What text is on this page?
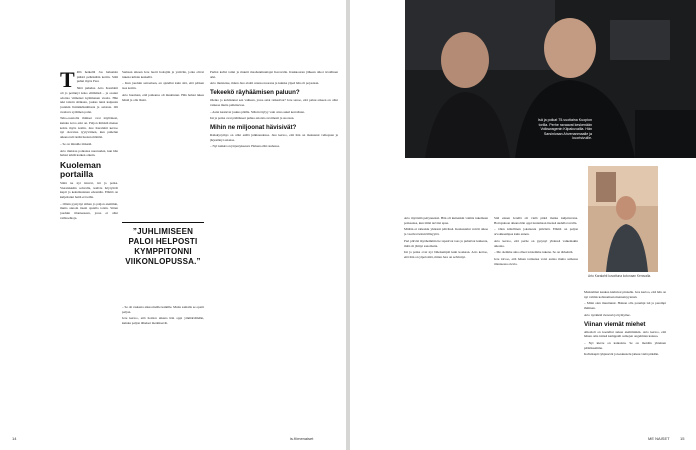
Tällä hetkellä Jos haluaisin päästä pelkästään kotiin. Siitä puhui myös Pasi.

Siitä puhelua Arto Karalahti oli jo perinnyt koko elämänsä – ja osanut odottaa viimeiset kymmenen vuotta. Hän teki taitoin sitäkaan, joskus tunsi kaipuuta jostakin lisänäkökulmasta ja asioista. Oli avattava sydämen polut.

Teho-osastolla ihmiset ovat näyttäneet, kuinka kova arki on. Paljon ihmisiä menee kohta myös kotiin. Jere Karalahti kertoo nyt olevansa tyytyväinen, kun puhelun aikana tuli tietää huolen määrää.

– Se on minulle tärkeää.

Arto muistaa poikansa nuoruuden, kun hän halusi tehdä kaiken oikein.

Kuoleman portailla

Siinä ne nyt istuvat, isä ja poika. Viereiskkäin sohvalla, kahvia höyryävät kupit ja keksilautanen edessään. Elämä on kuljettanut heitä eri teille.

– Olisin pystynyt siihen jo paljon aiemmin, mutta annoin itseni ajatella toisin. Sitten jouduin tilanteeseen, jossa ei ollut vaihtoehtoja.

Samaan aikaan Jere luotti hoitajiin ja ystäviin, jotka olivat tukena kriisin keskellä.

– Kun jouduin sairaalaan, en ajatellut kuin sitä, että pääsen taas kotiin.

Arto huomasi, että poikansa oli muuttunut. Hän halusi tukea häntä ja olla läsnä.

”JUHLIMISEEN PALOI HELPOSTI KYMPPITONNI VIIKONLOPUSSA.”

– Se oli raskasta aikaa meille kaikille. Mutta samalla se opetti paljon.

Jere kertoo, että hoidon aikana hän oppi ymmärtämään, kuinka paljon läheiset merkitsevät.

Pariisi kahvi taitui ja muutti maahanmuuttajat Keravalle. Kiekkouran jälkeen alkoi tavallinen arki.

Arto muistelee, miten Jere aloitti uransa nuorena ja kuinka ylpeä hän oli pojastaan.

Tekeekö räyhäämisen paluun?

Oletko jo kohdannut sen vaiheen, jossa asiat ratkesivat? Jere sanoo, että paluu arkeen on ollut vaikeaa mutta palkitsevaa.

– Asiat kaatuvat joskus päälle. Silloin täytyy vain ottaa askel kerrallaan.

Isä ja poika ovat päättäneet puhua asioista avoimesti ja suoraan.

Mihin ne miljoonat hävisivät?

Rahakysymys on ollut esillä julkisuudessa. Jere kertoo, että hän on maksanut velkojaan ja järjestänyt asiansa.

– Nyt kaikki on järjestyksessä. Haluan elää rauhassa.

14	is.fi/menaiset
Isä ja poikat 75-vuotiaina Kuopion torilla. Perhe ravaavat keskenään Volkswagenin Kiipakuvailla. Hän Sarsinivaan Ahvenanmaalle ja kuorisivuille.
Arto Karalahti kuvattuna kotonaan Keravalla.

Arto myöntää pettyneensä. Hän oli kuitenkin valmis tukemaan poikaansa, kun tämä tarvitsi apua.

Mitään ei ratkaistu yhdessä päivässä. Keskustelut veivät aikaa ja vaativat kärsivällisyyttä.

Pari päivää myöhemmin he tapasivat taas ja puhuivat kaikesta, mitä oli jäänyt sanomatta.

Isä ja poika ovat nyt läheisempiä kuin koskaan. Arto kertoo, että hän on ylpeä siitä, miten Jere on selvinnyt.

Sitä ennen Jerellä oli vielä pitkä matka kuljettavana. Hoitojakson aikana hän oppi tuntemaan itsensä uudella tavalla.

– Olen kiitollinen jokaisesta päivästä. Elämä on paljon arvokkaampaa kuin ennen.

Arto kertoo, että perhe on pysynyt yhdessä vaikeinakin aikoina.

– Me olemme aina olleet toistemme tukena. Se on tärkeintä.

Jere toivoo, että hänen tarinansa voisi auttaa muita samassa tilanteessa olevia.

Muistelmat kaukaa kiehuvat pinnalle. Jere kertoo, että hän on nyt valmis kohtaamaan menneisyytensä.

– Minä olen muuttunut. Haluan olla parempi isä ja parempi ihminen.

Arto nyökkää vieressä ja hymyilee.

Viinan viemät miehet

Alkoholi on koetellut sukua aiemminkin. Arto kertoo, että hänen oma isänsä kamppaili samojen ongelmien kanssa.

– Nyt kierre on katkaistu. Se on meidän yhteinen päätöksemme.

Kahvikupit tyhjenevät ja keskustelu jatkuu vielä pitkään.

ME NAISET	15
